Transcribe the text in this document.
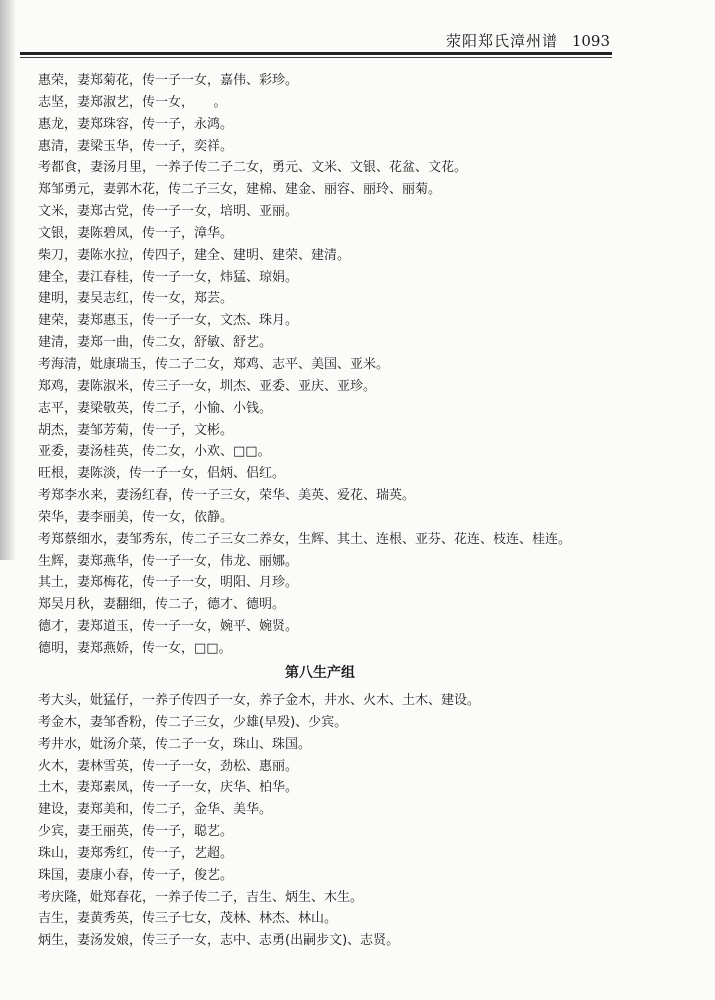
荥阳郑氏漳州谱 1093
惠荣，妻郑菊花，传一子一女，嘉伟、彩珍。
志坚，妻郑淑艺，传一女，　　。
惠龙，妻郑珠容，传一子，永鸿。
惠清，妻梁玉华，传一子，奕祥。
考都食，妻汤月里，一养子传二子二女，勇元、文米、文银、花盆、文花。
郑邹勇元，妻郭木花，传二子三女，建棉、建金、丽容、丽玲、丽菊。
文米，妻郑古党，传一子一女，培明、亚丽。
文银，妻陈碧凤，传一子，漳华。
柴刀，妻陈水拉，传四子，建全、建明、建荣、建清。
建全，妻江春桂，传一子一女，炜猛、琼娟。
建明，妻吴志红，传一女，郑芸。
建荣，妻郑惠玉，传一子一女，文杰、珠月。
建清，妻郑一曲，传二女，舒敏、舒艺。
考海清，妣康瑞玉，传二子二女，郑鸡、志平、美国、亚米。
郑鸡，妻陈淑米，传三子一女，圳杰、亚委、亚庆、亚珍。
志平，妻梁敬英，传二子，小愉、小钱。
胡杰，妻邹芳菊，传一子，文彬。
亚委，妻汤桂英，传二女，小欢、□□。
旺根，妻陈淡，传一子一女，侣炳、侣红。
考郑李水来，妻汤红春，传一子三女，荣华、美英、爱花、瑞英。
荣华，妻李丽美，传一女，依静。
考郑蔡细水，妻邹秀东，传二子三女二养女，生辉、其土、连根、亚芬、花连、枝连、桂连。
生辉，妻郑燕华，传一子一女，伟龙、丽娜。
其土，妻郑梅花，传一子一女，明阳、月珍。
郑吴月秋，妻翻细，传二子，德才、德明。
德才，妻郑道玉，传一子一女，婉平、婉贤。
德明，妻郑燕娇，传一女，□□。
第八生产组
考大头，妣猛仔，一养子传四子一女，养子金木，井水、火木、土木、建设。
考金木，妻邹香粉，传二子三女，少雄(早殁)、少宾。
考井水，妣汤介菜，传二子一女，珠山、珠国。
火木，妻林雪英，传一子一女，劲松、惠丽。
土木，妻郑素凤，传一子一女，庆华、柏华。
建设，妻郑美和，传二子，金华、美华。
少宾，妻王丽英，传一子，聪艺。
珠山，妻郑秀红，传一子，艺超。
珠国，妻康小春，传一子，俊艺。
考庆隆，妣郑春花，一养子传二子，吉生、炳生、木生。
吉生，妻黄秀英，传三子七女，茂林、林杰、林山。
炳生，妻汤发娘，传三子一女，志中、志勇(出嗣步文)、志贤。
